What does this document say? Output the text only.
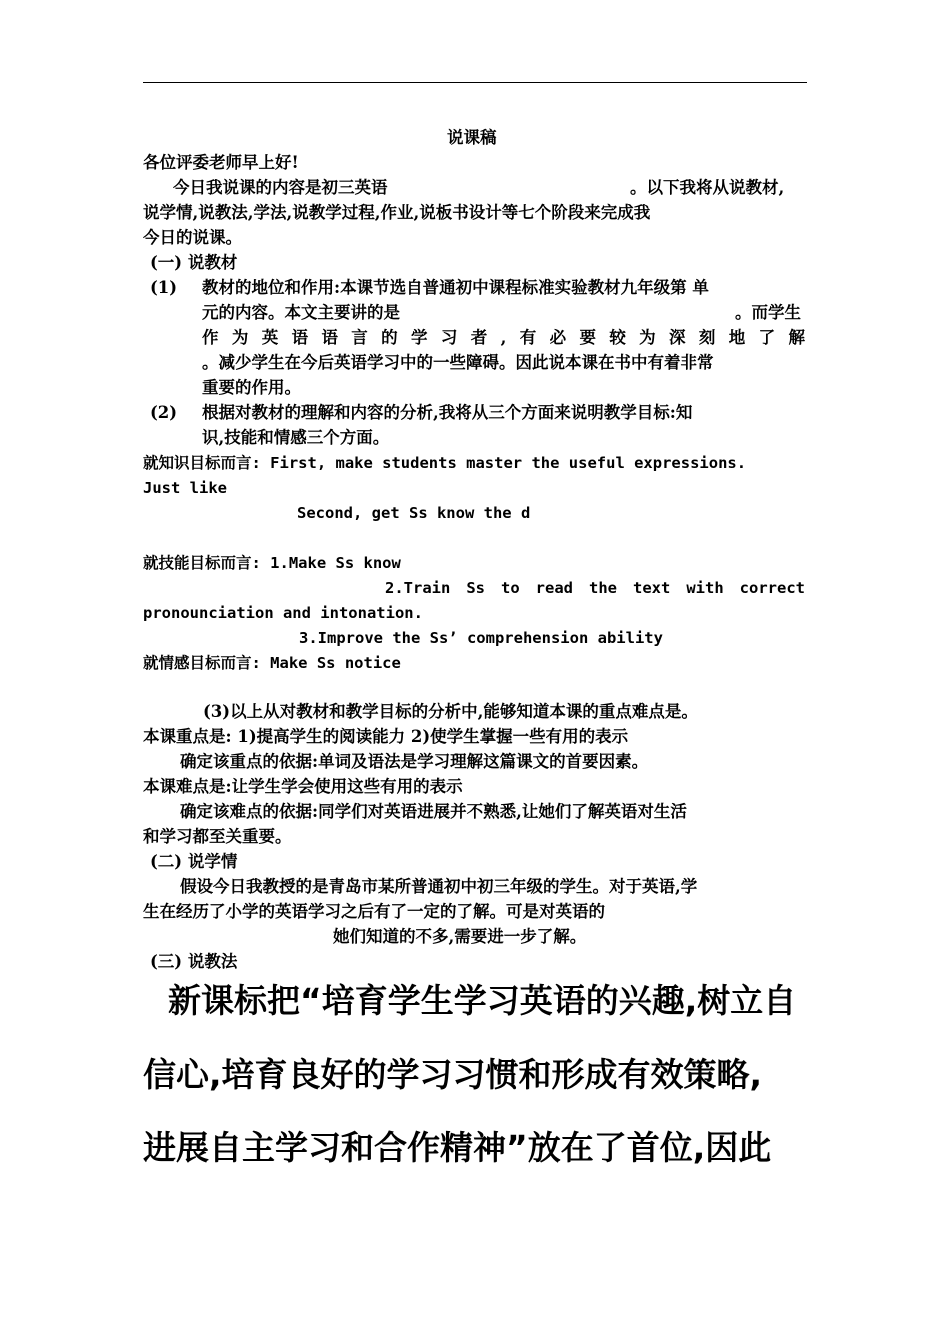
说课稿
各位评委老师早上好!
今日我说课的内容是初三英语	。以下我将从说教材,
说学情,说教法,学法,说教学过程,作业,说板书设计等七个阶段来完成我
今日的说课。
(一) 说教材
(1) 教材的地位和作用:本课节选自普通初中课程标准实验教材九年级第 单
元的内容。本文主要讲的是	。而学生
作为英语语言的学习者,有必要较为深刻地了解
。减少学生在今后英语学习中的一些障碍。因此说本课在书中有着非常
重要的作用。
(2) 根据对教材的理解和内容的分析,我将从三个方面来说明教学目标:知
识,技能和情感三个方面。
就知识目标而言: First, make students master the useful expressions.
Just like
Second, get Ss know the d
就技能目标而言: 1.Make Ss know
2.Train Ss to read the text with correct
pronounciation and intonation.
3.Improve the Ss’ comprehension ability
就情感目标而言: Make Ss notice
(3)以上从对教材和教学目标的分析中,能够知道本课的重点难点是。
本课重点是: 1)提高学生的阅读能力 2)使学生掌握一些有用的表示
确定该重点的依据:单词及语法是学习理解这篇课文的首要因素。
本课难点是:让学生学会使用这些有用的表示
确定该难点的依据:同学们对英语进展并不熟悉,让她们了解英语对生活
和学习都至关重要。
(二) 说学情
假设今日我教授的是青岛市某所普通初中初三年级的学生。对于英语,学
生在经历了小学的英语学习之后有了一定的了解。可是对英语的
她们知道的不多,需要进一步了解。
(三) 说教法
新课标把“培育学生学习英语的兴趣,树立自
信心,培育良好的学习习惯和形成有效策略,
进展自主学习和合作精神”放在了首位,因此
